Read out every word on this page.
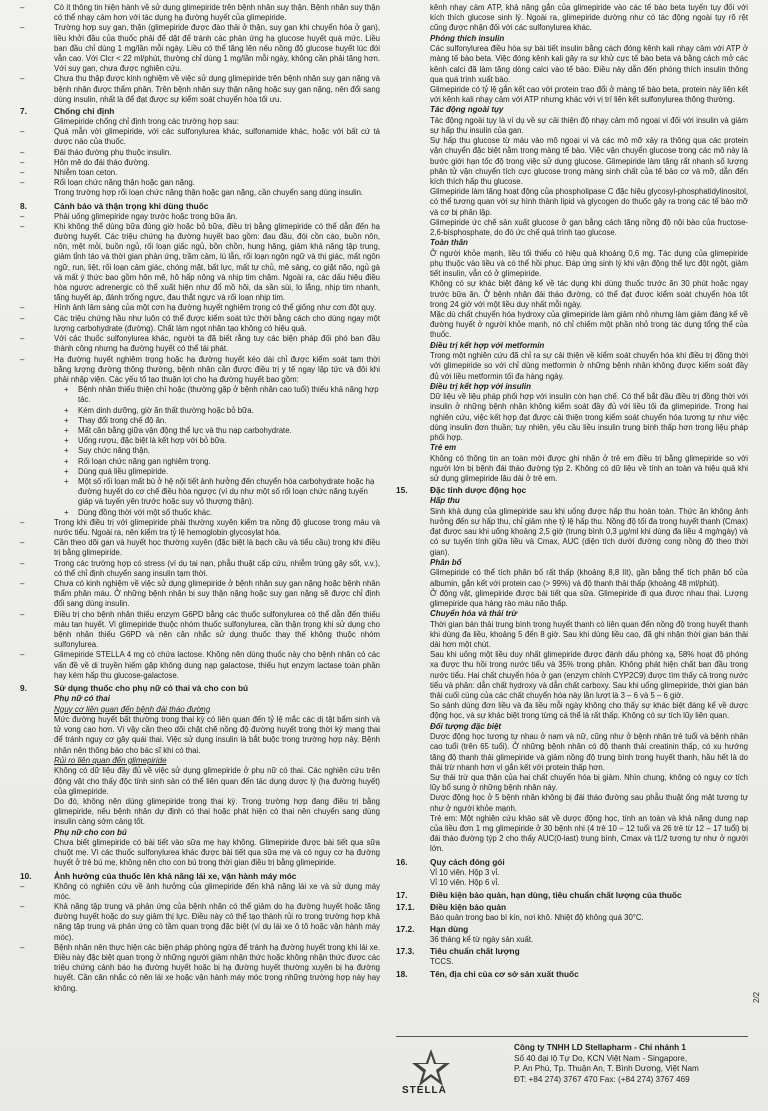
–	Có ít thông tin hiện hành về sử dụng glimepiride trên bệnh nhân suy thận. Bệnh nhân suy thận có thể nhạy cảm hơn với tác dụng hạ đường huyết của glimepiride.
–	Trường hợp suy gan, thận (glimepiride được đào thải ở thận, suy gan khi chuyển hóa ở gan), liều khởi đầu của thuốc phải để dặt để tránh các phản ứng hạ glucose huyết quá mức. Liều ban đầu chỉ dùng 1 mg/lần mỗi ngày. Liều có thể tăng lên nếu nồng độ glucose huyết lúc đói vẫn cao. Với Clcr < 22 ml/phút, thường chỉ dùng 1 mg/lần mỗi ngày, không cần phải tăng hơn. Với suy gan, chưa được nghiên cứu.
–	Chưa thu thập được kinh nghiệm về việc sử dụng glimepiride trên bệnh nhân suy gan nặng và bệnh nhân được thẩm phân. Trên bệnh nhân suy thận nặng hoặc suy gan nặng, nên đổi sang dùng insulin, nhất là để đạt được sự kiểm soát chuyển hóa tối ưu.
7.	Chống chỉ định
Glimepiride chống chỉ định trong các trường hợp sau:
–	Quá mẫn với glimepiride, với các sulfonylurea khác, sulfonamide khác, hoặc với bất cứ tá dược nào của thuốc.
–	Đái tháo đường phụ thuộc insulin.
–	Hôn mê do đái tháo đường.
–	Nhiễm toan ceton.
–	Rối loạn chức năng thận hoặc gan nặng.
Trong trường hợp rối loạn chức năng thận hoặc gan nặng, cần chuyển sang dùng insulin.
8.	Cảnh báo và thận trọng khi dùng thuốc
–	Phải uống glimepiride ngay trước hoặc trong bữa ăn.
–	Khi không thể dùng bữa đúng giờ hoặc bỏ bữa, điều trị bằng glimepiride có thể dẫn đến hạ đường huyết. Các triệu chứng hạ đường huyết bao gồm: đau đầu, đói cồn cào, buồn nôn, nôn, mệt mỏi, buồn ngủ, rối loạn giấc ngủ, bồn chồn, hung hăng, giảm khả năng tập trung, giảm tỉnh táo và thời gian phản ứng, trầm cảm, lú lẫn, rối loạn ngôn ngữ và thị giác, mất ngôn ngữ, run, liệt, rối loạn cảm giác, chóng mặt, bất lực, mất tự chủ, mê sảng, co giật não, ngủ gà và mất ý thức bao gồm hôn mê, hô hấp nông và nhịp tim chậm. Ngoài ra, các dấu hiệu điều hòa ngược adrenergic có thể xuất hiện như đổ mồ hôi, da sần sùi, lo lắng, nhịp tim nhanh, tăng huyết áp, đánh trống ngực, đau thắt ngực và rối loạn nhịp tim.
–	Hình ảnh lâm sàng của một cơn hạ đường huyết nghiêm trọng có thể giống như cơn đột quỵ.
–	Các triệu chứng hầu như luôn có thể được kiểm soát tức thời bằng cách cho dùng ngay một lượng carbohydrate (đường). Chất làm ngọt nhân tạo không có hiệu quả.
–	Với các thuốc sulfonylurea khác, người ta đã biết rằng tuy các biện pháp đối phó ban đầu thành công nhưng hạ đường huyết có thể tái phát.
–	Hạ đường huyết nghiêm trọng hoặc hạ đường huyết kéo dài chỉ được kiểm soát tạm thời bằng lượng đường thông thường, bệnh nhân cần được điều trị y tế ngay lập tức và đôi khi phải nhập viện. Các yếu tố tạo thuận lợi cho hạ đường huyết bao gồm:
+	Bệnh nhân thiếu thiện chí hoặc (thường gặp ở bệnh nhân cao tuổi) thiếu khả năng hợp tác.
+	Kém dinh dưỡng, giờ ăn thất thường hoặc bỏ bữa.
+	Thay đổi trong chế độ ăn.
+	Mất cân bằng giữa vận động thể lực và thu nạp carbohydrate.
+	Uống rượu, đặc biệt là kết hợp với bỏ bữa.
+	Suy chức năng thận.
+	Rối loạn chức năng gan nghiêm trọng.
+	Dùng quá liều glimepiride.
+	Một số rối loạn mất bù ở hệ nội tiết ảnh hưởng đến chuyển hóa carbohydrate hoặc hạ đường huyết do cơ chế điều hòa ngược (ví dụ như một số rối loạn chức năng tuyến giáp và tuyến yên trước hoặc suy vỏ thượng thận).
+	Dùng đồng thời với một số thuốc khác.
–	Trong khi điều trị với glimepiride phải thường xuyên kiểm tra nồng độ glucose trong máu và nước tiểu. Ngoài ra, nên kiểm tra tỷ lệ hemoglobin glycosylat hóa.
–	Cần theo dõi gan và huyết học thường xuyên (đặc biệt là bạch cầu và tiểu cầu) trong khi điều trị bằng glimepiride.
–	Trong các trường hợp có stress (ví dụ tai nạn, phẫu thuật cấp cứu, nhiễm trùng gây sốt, v.v.), có thể chỉ định chuyển sang insulin tạm thời.
–	Chưa có kinh nghiệm về việc sử dụng glimepiride ở bệnh nhân suy gan nặng hoặc bệnh nhân thẩm phân máu. Ở những bệnh nhân bị suy thận nặng hoặc suy gan nặng sẽ được chỉ định đổi sang dùng insulin.
–	Điều trị cho bệnh nhân thiếu enzym G6PD bằng các thuốc sulfonylurea có thể dẫn đến thiếu máu tan huyết. Vì glimepiride thuộc nhóm thuốc sulfonylurea, cần thận trọng khi sử dụng cho bệnh nhân thiếu G6PD và nên cân nhắc sử dụng thuốc thay thế không thuộc nhóm sulfonylurea.
–	Glimepiride STELLA 4 mg có chứa lactose. Không nên dùng thuốc này cho bệnh nhân có các vấn đề về di truyền hiếm gặp không dung nạp galactose, thiếu hụt enzym lactase toàn phần hay kém hấp thu glucose-galactose.
9.	Sử dụng thuốc cho phụ nữ có thai và cho con bú
Phụ nữ có thai
Nguy cơ liên quan đến bệnh đái tháo đường
Mức đường huyết bất thường trong thai kỳ có liên quan đến tỷ lệ mắc các dị tật bẩm sinh và tử vong cao hơn. Vì vậy cần theo dõi chặt chẽ nồng độ đường huyết trong thời kỳ mang thai để tránh nguy cơ gây quái thai. Việc sử dụng insulin là bắt buộc trong trường hợp này. Bệnh nhân nên thông báo cho bác sĩ khi có thai.
Rủi ro liên quan đến glimepiride
Không có dữ liệu đầy đủ về việc sử dụng glimepiride ở phụ nữ có thai. Các nghiên cứu trên động vật cho thấy độc tính sinh sản có thể liên quan đến tác dụng dược lý (hạ đường huyết) của glimepiride.
Do đó, không nên dùng glimepiride trong thai kỳ. Trong trường hợp đang điều trị bằng glimepiride, nếu bệnh nhân dự định có thai hoặc phát hiện có thai nên chuyển sang dùng insulin càng sớm càng tốt.
Phụ nữ cho con bú
Chưa biết glimepiride có bài tiết vào sữa mẹ hay không. Glimepiride được bài tiết qua sữa chuột mẹ. Vì các thuốc sulfonylurea khác được bài tiết qua sữa mẹ và có nguy cơ hạ đường huyết ở trẻ bú mẹ, không nên cho con bú trong thời gian điều trị bằng glimepiride.
10.	Ảnh hưởng của thuốc lên khả năng lái xe, vận hành máy móc
–	Không có nghiên cứu về ảnh hưởng của glimepiride đến khả năng lái xe và sử dụng máy móc.
–	Khả năng tập trung và phản ứng của bệnh nhân có thể giảm do hạ đường huyết hoặc tăng đường huyết hoặc do suy giảm thị lực. Điều này có thể tạo thành rủi ro trong trường hợp khả năng tập trung và phản ứng có tầm quan trọng đặc biệt (ví dụ lái xe ô tô hoặc vận hành máy móc).
–	Bệnh nhân nên thực hiện các biện pháp phòng ngừa để tránh hạ đường huyết trong khi lái xe. Điều này đặc biệt quan trọng ở những người giảm nhận thức hoặc không nhận thức được các triệu chứng cảnh báo hạ đường huyết hoặc bị hạ đường huyết thường xuyên bị hạ đường huyết. Cần cân nhắc có nên lái xe hoặc vận hành máy móc trong những trường hợp này hay không.
kênh nhạy cảm ATP, khả năng gắn của glimepiride vào các tế bào beta tuyến tụy đối với kích thích glucose sinh lý. Ngoài ra, glimepiride dường như có tác động ngoài tụy rõ rệt cũng được nhận đối với các sulfonylurea khác.
Phóng thích insulin
Các sulfonylurea điều hòa sự bài tiết insulin bằng cách đóng kênh kali nhạy cảm với ATP ở màng tế bào beta. Việc đóng kênh kali gây ra sự khử cực tế bào beta và bằng cách mở các kênh calci đã làm tăng dòng calci vào tế bào. Điều này dẫn đến phóng thích insulin thông qua quá trình xuất bào.
Glimepiride có tỷ lệ gắn kết cao với protein trao đổi ở màng tế bào beta, protein này liên kết với kênh kali nhạy cảm với ATP nhưng khác với vị trí liên kết sulfonylurea thông thường.
Tác động ngoài tụy
Tác động ngoài tụy là ví dụ về sự cải thiện độ nhạy cảm mô ngoại vi đối với insulin và giảm sự hấp thu insulin của gan.
Sự hấp thu glucose từ máu vào mô ngoại vi và các mô mỡ xảy ra thông qua các protein vận chuyển đặc biệt nằm trong màng tế bào. Việc vận chuyển glucose trong các mô này là bước giới hạn tốc độ trong việc sử dụng glucose. Glimepiride làm tăng rất nhanh số lượng phân tử vận chuyển tích cực glucose trong màng sinh chất của tế bào cơ và mỡ, dẫn đến kích thích hấp thu glucose.
Glimepiride làm tăng hoạt động của phospholipase C đặc hiệu glycosyl-phosphatidylinositol, có thể tương quan với sự hình thành lipid và glycogen do thuốc gây ra trong các tế bào mỡ và cơ bị phân lập.
Glimepiride ức chế sản xuất glucose ở gan bằng cách tăng nồng độ nội bào của fructose-2,6-bisphosphate, do đó ức chế quá trình tạo glucose.
Toàn thân
Ở người khỏe mạnh, liều tối thiểu có hiệu quả khoảng 0,6 mg. Tác dụng của glimepiride phụ thuộc vào liều và có thể hồi phục. Đáp ứng sinh lý khi vận động thể lực đột ngột, giảm tiết insulin, vẫn có ở glimepiride.
Không có sự khác biệt đáng kể về tác dụng khi dùng thuốc trước ăn 30 phút hoặc ngay trước bữa ăn. Ở bệnh nhân đái tháo đường, có thể đạt được kiểm soát chuyển hóa tốt trong 24 giờ với một liều duy nhất mỗi ngày.
Mặc dù chất chuyển hóa hydroxy của glimepiride làm giảm nhỏ nhưng làm giảm đáng kể về đường huyết ở người khỏe mạnh, nó chỉ chiếm một phần nhỏ trong tác dụng tổng thể của thuốc.
Điều trị kết hợp với metformin
Trong một nghiên cứu đã chỉ ra sự cải thiện về kiểm soát chuyển hóa khi điều trị đồng thời với glimepiride so với chỉ dùng metformin ở những bệnh nhân không được kiểm soát đầy đủ với liều metformin tối đa hàng ngày.
Điều trị kết hợp với insulin
Dữ liệu về liệu pháp phối hợp với insulin còn hạn chế. Có thể bắt đầu điều trị đồng thời với insulin ở những bệnh nhân không kiểm soát đầy đủ với liều tối đa glimepiride. Trong hai nghiên cứu, việc kết hợp đạt được cải thiện trong kiểm soát chuyển hóa tương tự như việc dùng insulin đơn thuần; tuy nhiên, yêu cầu liều insulin trung bình thấp hơn trong liệu pháp phối hợp.
Trẻ em
Không có thông tin an toàn mới được ghi nhận ở trẻ em điều trị bằng glimepiride so với người lớn bị bệnh đái tháo đường týp 2. Không có dữ liệu về tính an toàn và hiệu quả khi sử dụng glimepiride lâu dài ở trẻ em.
15.	Đặc tính dược động học
Hấp thu
Sinh khả dụng của glimepiride sau khi uống được hấp thu hoàn toàn. Thức ăn không ảnh hưởng đến sự hấp thu, chỉ giảm nhẹ tỷ lệ hấp thu. Nồng độ tối đa trong huyết thanh (Cmax) đạt được sau khi uống khoảng 2,5 giờ (trung bình 0,3 μg/ml khi dùng đa liều 4 mg/ngày) và có sự tuyến tính giữa liều và Cmax, AUC (diện tích dưới đường cong nồng độ theo thời gian).
Phân bố
Glimepiride có thể tích phân bố rất thấp (khoảng 8,8 lít), gần bằng thể tích phân bố của albumin, gắn kết với protein cao (> 99%) và độ thanh thải thấp (khoảng 48 ml/phút).
Ở động vật, glimepiride được bài tiết qua sữa. Glimepiride đi qua được nhau thai. Lượng glimepiride qua hàng rào máu não thấp.
Chuyển hóa và thải trừ
Thời gian bán thải trung bình trong huyết thanh có liên quan đến nồng độ trong huyết thanh khi dùng đa liều, khoảng 5 đến 8 giờ. Sau khi dùng liều cao, đã ghi nhận thời gian bán thải dài hơn một chút.
Sau khi uống một liều duy nhất glimepiride được đánh dấu phóng xạ, 58% hoạt độ phóng xạ được thu hồi trong nước tiểu và 35% trong phân. Không phát hiện chất ban đầu trong nước tiểu. Hai chất chuyển hóa ở gan (enzym chính CYP2C9) được tìm thấy cả trong nước tiểu và phân: dẫn chất hydroxy và dẫn chất carboxy. Sau khi uống glimepiride, thời gian bán thải cuối cùng của các chất chuyển hóa này lần lượt là 3 – 6 và 5 – 6 giờ.
So sánh dùng đơn liều và đa liều mỗi ngày không cho thấy sự khác biệt đáng kể về dược động học, và sự khác biệt trong từng cá thể là rất thấp. Không có sự tích lũy liên quan.
Đối tượng đặc biệt
Dược động học tương tự nhau ở nam và nữ, cũng như ở bệnh nhân trẻ tuổi và bệnh nhân cao tuổi (trên 65 tuổi). Ở những bệnh nhân có độ thanh thải creatinin thấp, có xu hướng tăng độ thanh thải glimepiride và giảm nồng độ trung bình trong huyết thanh, hầu hết là do thải trừ nhanh hơn vì gắn kết với protein thấp hơn.
Sự thải trừ qua thận của hai chất chuyển hóa bị giảm. Nhìn chung, không có nguy cơ tích lũy bổ sung ở những bệnh nhân này.
Dược động học ở 5 bệnh nhân không bị đái tháo đường sau phẫu thuật ống mật tương tự như ở người khỏe mạnh.
Trẻ em: Một nghiên cứu khảo sát về dược động học, tính an toàn và khả năng dung nạp của liều đơn 1 mg glimepiride ở 30 bệnh nhi (4 trẻ 10 – 12 tuổi và 26 trẻ từ 12 – 17 tuổi) bị đái tháo đường týp 2 cho thấy AUC(0-last) trung bình, Cmax và t1/2 tương tự như ở người lớn.
16.	Quy cách đóng gói
Vỉ 10 viên. Hộp 3 vỉ.
Vỉ 10 viên. Hộp 6 vỉ.
17.	Điều kiện bảo quản, hạn dùng, tiêu chuẩn chất lượng của thuốc
17.1.	Điều kiện bảo quản
Bảo quản trong bao bì kín, nơi khô. Nhiệt độ không quá 30°C.
17.2.	Hạn dùng
36 tháng kể từ ngày sản xuất.
17.3.	Tiêu chuẩn chất lượng
TCCS.
18.	Tên, địa chỉ của cơ sở sản xuất thuốc
STELLA
Công ty TNHH LD Stellapharm - Chi nhánh 1
Số 40 đại lộ Tự Do, KCN Việt Nam - Singapore,
P. An Phú, Tp. Thuận An, T. Bình Dương, Việt Nam
ĐT: +84 274) 3767 470 Fax: (+84 274) 3767 469
2/2
